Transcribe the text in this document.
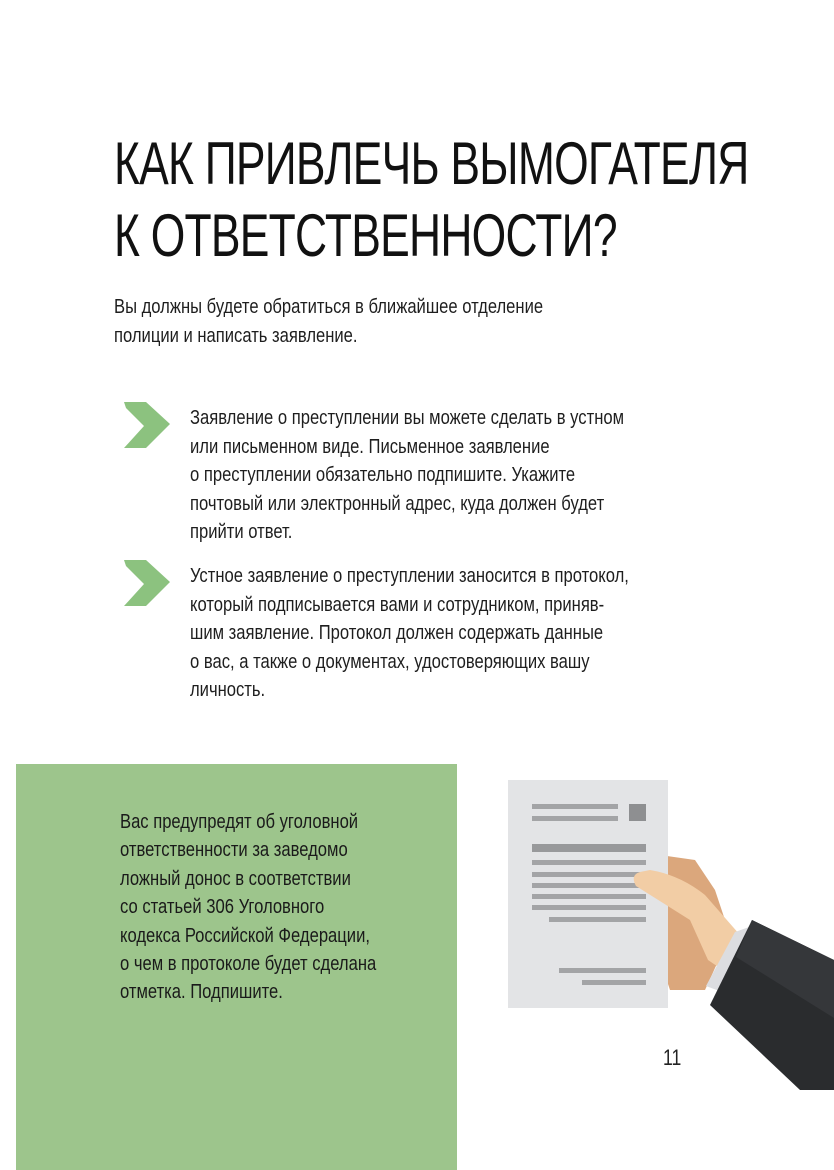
КАК ПРИВЛЕЧЬ ВЫМОГАТЕЛЯ
К ОТВЕТСТВЕННОСТИ?

Вы должны будете обратиться в ближайшее отделение
полиции и написать заявление.

Заявление о преступлении вы можете сделать в устном
или письменном виде. Письменное заявление
о преступлении обязательно подпишите. Укажите
почтовый или электронный адрес, куда должен будет
прийти ответ.
Устное заявление о преступлении заносится в протокол,
который подписывается вами и сотрудником, приняв-
шим заявление. Протокол должен содержать данные
о вас, а также о документах, удостоверяющих вашу
личность.
Вас предупредят об уголовной
ответственности за заведомо
ложный донос в соответствии
со статьей 306 Уголовного
кодекса Российской Федерации,
о чем в протоколе будет сделана
отметка. Подпишите.
11
